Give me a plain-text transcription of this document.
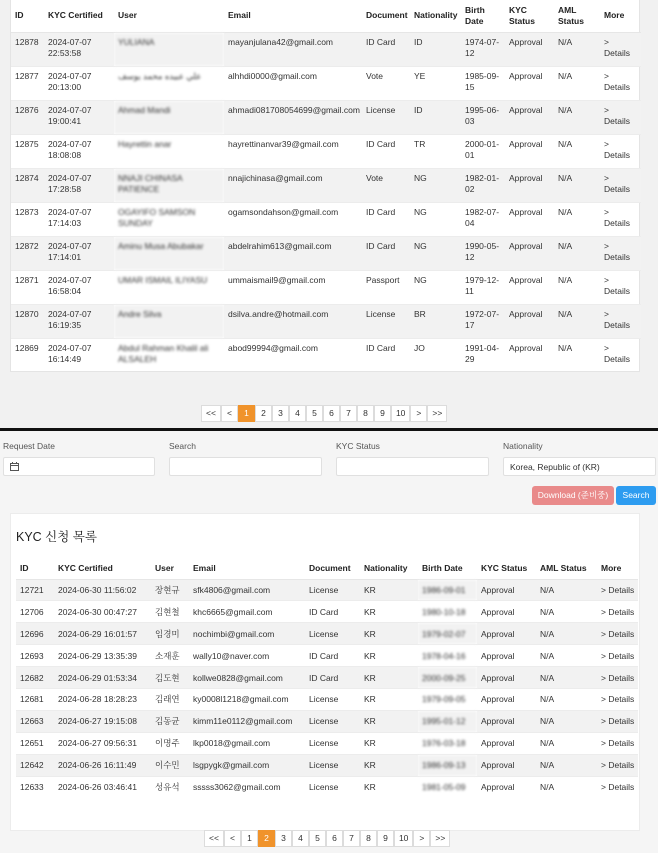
ID	KYC Certified	User	Email	Document	Nationality	Birth Date	KYC Status	AML Status	More
12878	2024-07-07 22:53:58	YULIANA	mayanjulana42@gmail.com	ID Card	ID	1974-07-12	Approval	N/A	> Details
12877	2024-07-07 20:13:00	علي عبيده محمد يوسف	alhhdi0000@gmail.com	Vote	YE	1985-09-15	Approval	N/A	> Details
12876	2024-07-07 19:00:41	Ahmad Mandi	ahmadi081708054699@gmail.com	License	ID	1995-06-03	Approval	N/A	> Details
12875	2024-07-07 18:08:08	Hayrettin anar	hayrettinanvar39@gmail.com	ID Card	TR	2000-01-01	Approval	N/A	> Details
12874	2024-07-07 17:28:58	NNAJI CHINASA PATIENCE	nnajichinasa@gmail.com	Vote	NG	1982-01-02	Approval	N/A	> Details
12873	2024-07-07 17:14:03	OGAYIFO SAMSON SUNDAY	ogamsondahson@gmail.com	ID Card	NG	1982-07-04	Approval	N/A	> Details
12872	2024-07-07 17:14:01	Aminu Musa Abubakar	abdelrahim613@gmail.com	ID Card	NG	1990-05-12	Approval	N/A	> Details
12871	2024-07-07 16:58:04	UMAR ISMAIL ILIYASU	ummaismail9@gmail.com	Passport	NG	1979-12-11	Approval	N/A	> Details
12870	2024-07-07 16:19:35	Andre Silva	dsilva.andre@hotmail.com	License	BR	1972-07-17	Approval	N/A	> Details
12869	2024-07-07 16:14:49	Abdul Rahman Khalil ali ALSALEH	abod99994@gmail.com	ID Card	JO	1991-04-29	Approval	N/A	> Details
<<	<	1	2	3	4	5	6	7	8	9	10	>	>>
Request Date	Search	KYC Status	Nationality
Korea, Republic of (KR)
Download (준비중)	Search
KYC 신청 목록
ID	KYC Certified	User	Email	Document	Nationality	Birth Date	KYC Status	AML Status	More
12721	2024-06-30 11:56:02	장현규	sfk4806@gmail.com	License	KR	1986-09-01	Approval	N/A	> Details
12706	2024-06-30 00:47:27	김현철	khc6665@gmail.com	ID Card	KR	1980-10-18	Approval	N/A	> Details
12696	2024-06-29 16:01:57	임경미	nochimbi@gmail.com	License	KR	1979-02-07	Approval	N/A	> Details
12693	2024-06-29 13:35:39	소재훈	wally10@naver.com	ID Card	KR	1978-04-16	Approval	N/A	> Details
12682	2024-06-29 01:53:34	김도현	kollwe0828@gmail.com	ID Card	KR	2000-09-25	Approval	N/A	> Details
12681	2024-06-28 18:28:23	김래연	ky0008l1218@gmail.com	License	KR	1979-09-05	Approval	N/A	> Details
12663	2024-06-27 19:15:08	김동균	kimm11e0112@gmail.com	License	KR	1995-01-12	Approval	N/A	> Details
12651	2024-06-27 09:56:31	이명주	lkp0018@gmail.com	License	KR	1976-03-18	Approval	N/A	> Details
12642	2024-06-26 16:11:49	이수민	lsgpygk@gmail.com	License	KR	1986-09-13	Approval	N/A	> Details
12633	2024-06-26 03:46:41	성유석	sssss3062@gmail.com	License	KR	1981-05-09	Approval	N/A	> Details
<<	<	1	2	3	4	5	6	7	8	9	10	>	>>
